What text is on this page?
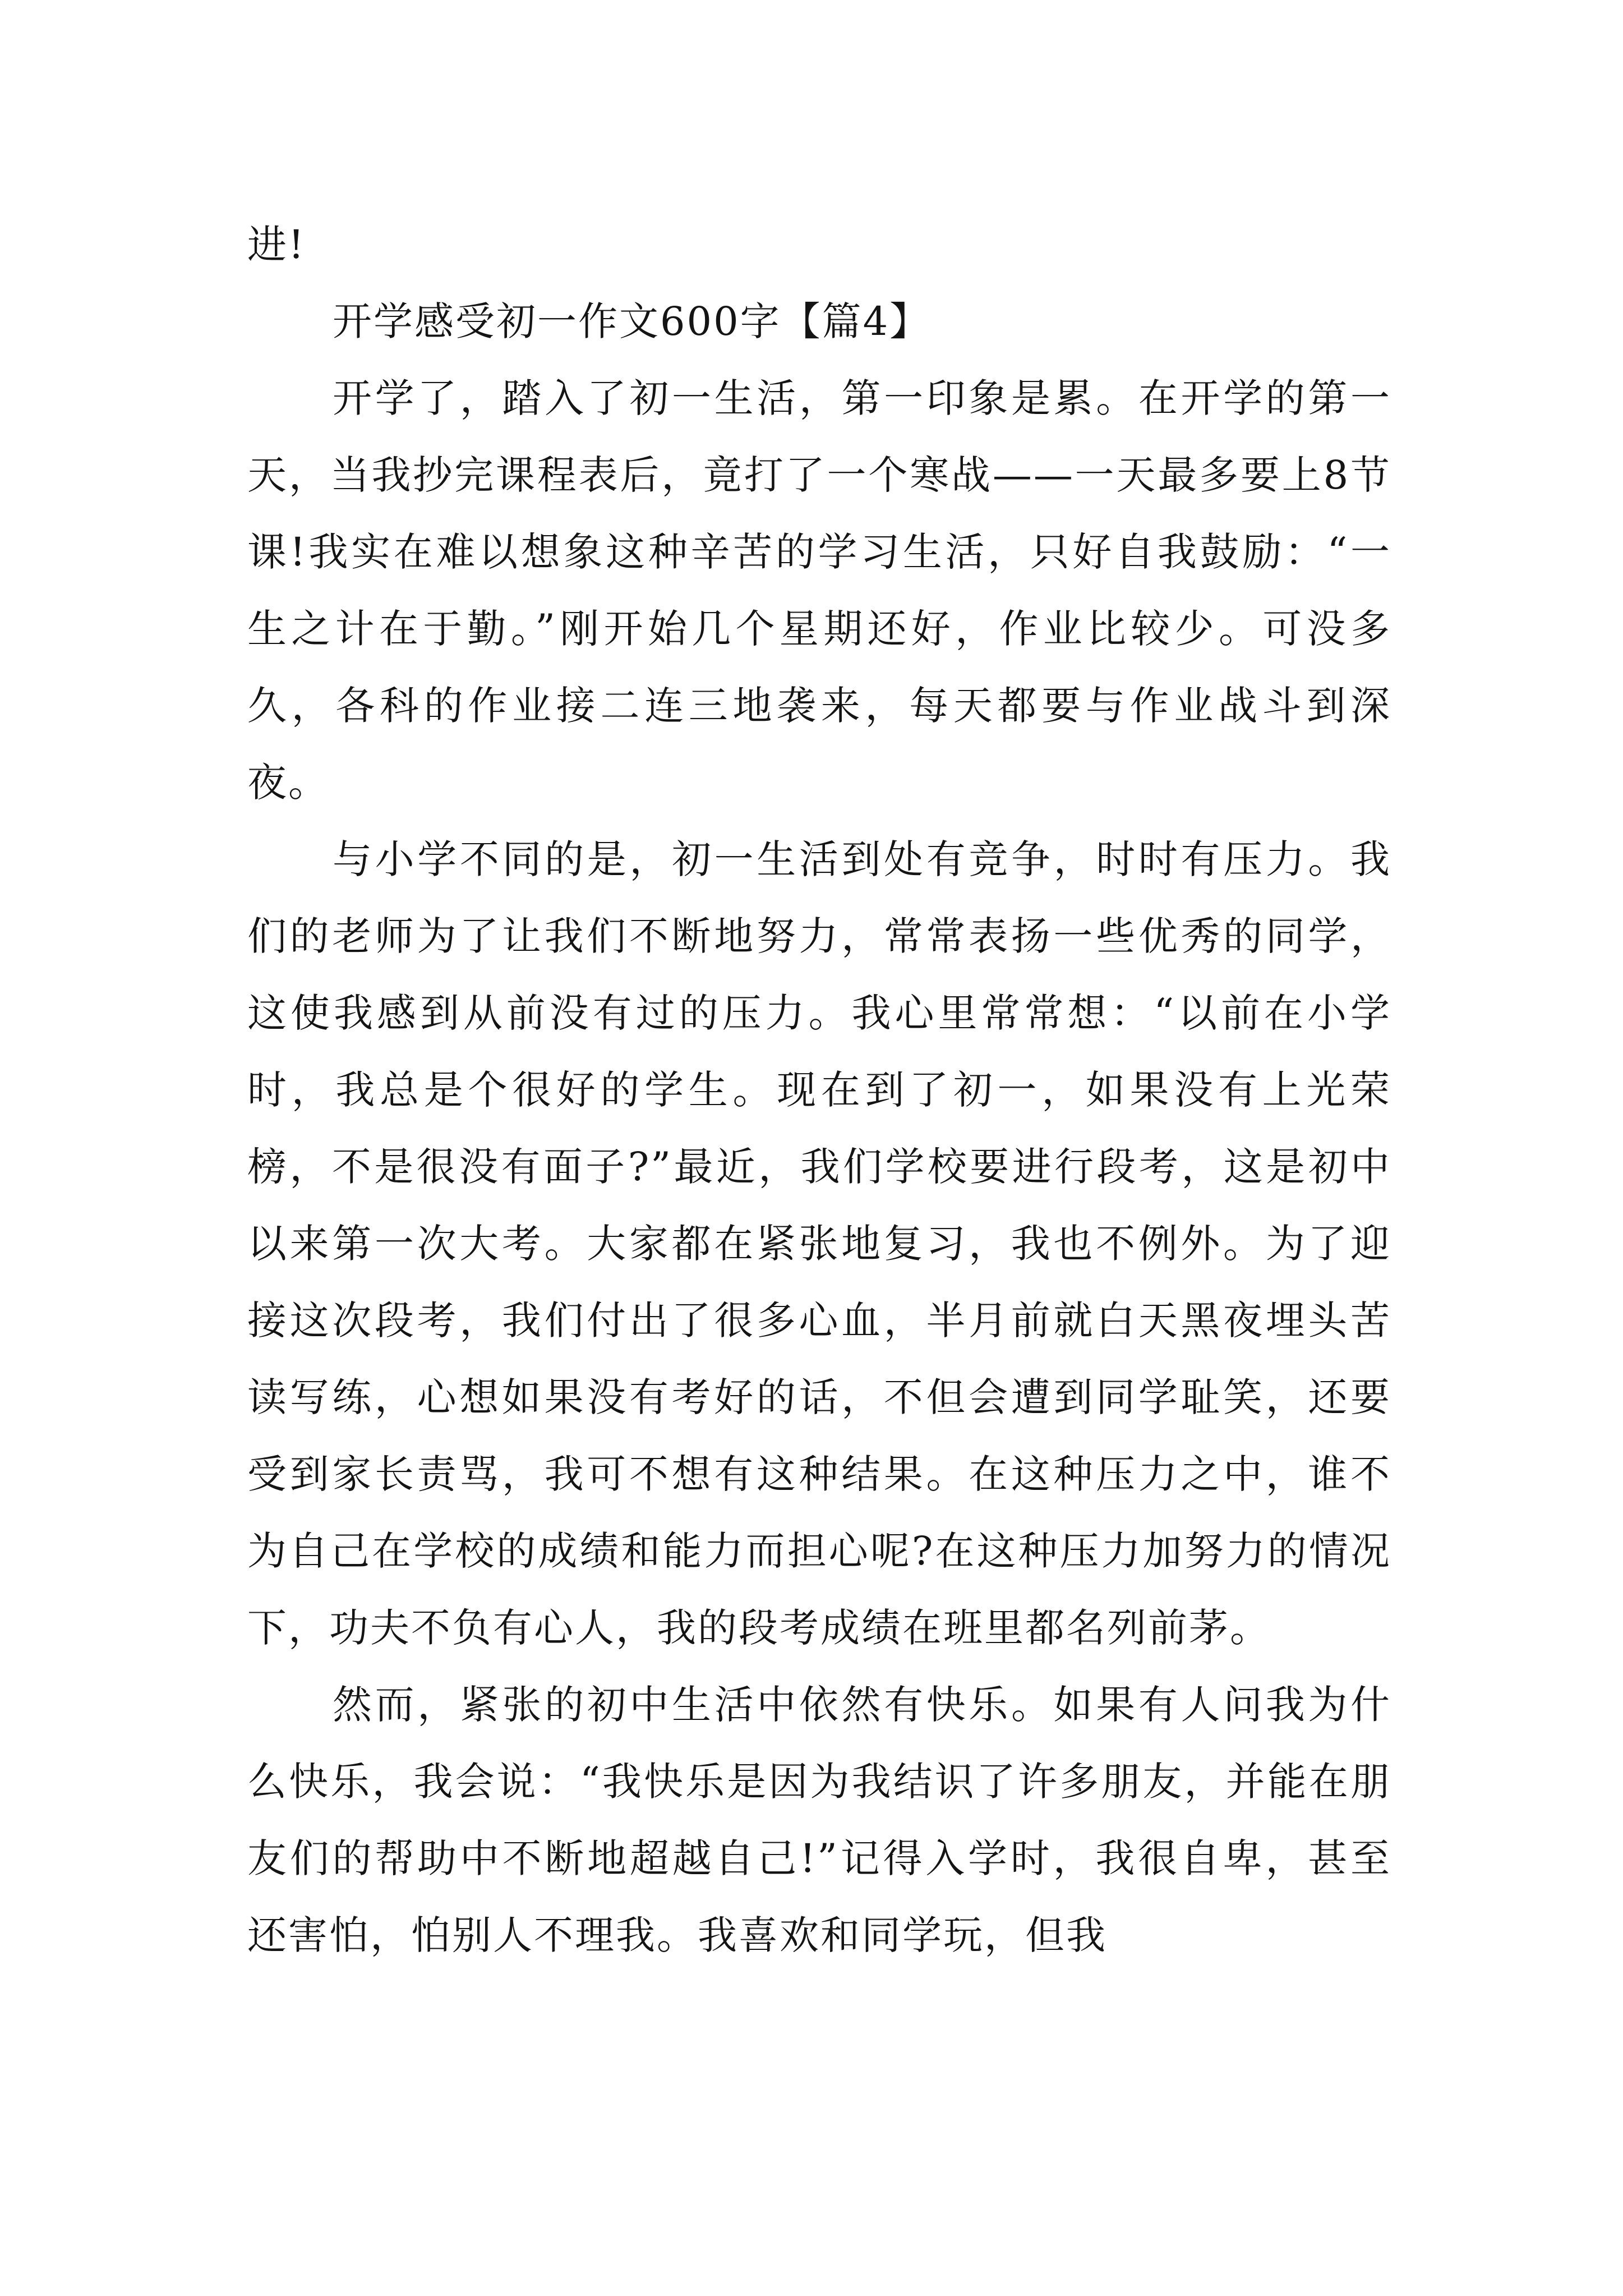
进!

开学感受初一作文600字【篇4】

开学了，踏入了初一生活，第一印象是累。在开学的第一天，当我抄完课程表后，竟打了一个寒战——一天最多要上8节课!我实在难以想象这种辛苦的学习生活，只好自我鼓励：“一生之计在于勤。”刚开始几个星期还好，作业比较少。可没多久，各科的作业接二连三地袭来，每天都要与作业战斗到深夜。

与小学不同的是，初一生活到处有竞争，时时有压力。我们的老师为了让我们不断地努力，常常表扬一些优秀的同学，这使我感到从前没有过的压力。我心里常常想：“以前在小学时，我总是个很好的学生。现在到了初一，如果没有上光荣榜，不是很没有面子?”最近，我们学校要进行段考，这是初中以来第一次大考。大家都在紧张地复习，我也不例外。为了迎接这次段考，我们付出了很多心血，半月前就白天黑夜埋头苦读写练，心想如果没有考好的话，不但会遭到同学耻笑，还要受到家长责骂，我可不想有这种结果。在这种压力之中，谁不为自己在学校的成绩和能力而担心呢?在这种压力加努力的情况下，功夫不负有心人，我的段考成绩在班里都名列前茅。

然而，紧张的初中生活中依然有快乐。如果有人问我为什么快乐，我会说：“我快乐是因为我结识了许多朋友，并能在朋友们的帮助中不断地超越自己!”记得入学时，我很自卑，甚至还害怕，怕别人不理我。我喜欢和同学玩，但我
